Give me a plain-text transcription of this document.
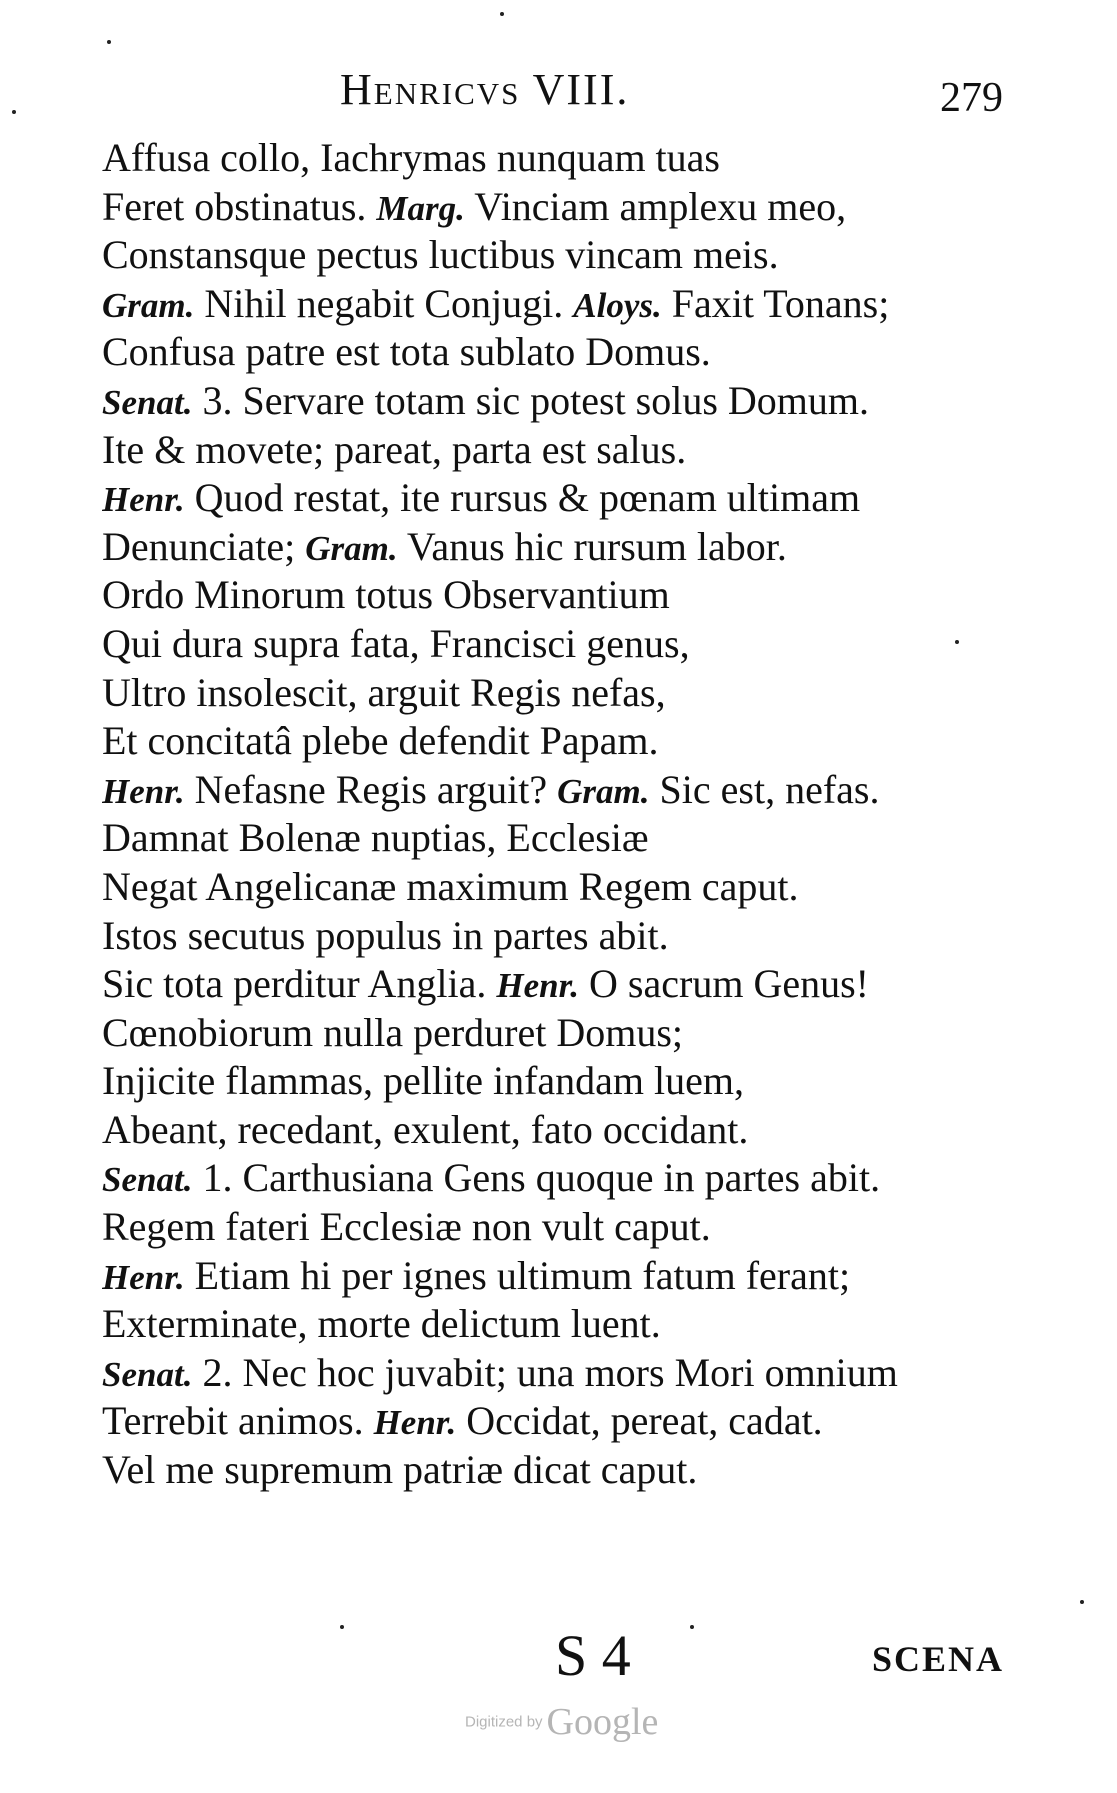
Henricvs VIII.	279
Affusa collo, Iachrymas nunquam tuas
Feret obstinatus. Marg. Vinciam amplexu meo,
Constansque pectus luctibus vincam meis.
Gram. Nihil negabit Conjugi. Aloys. Faxit Tonans;
Confusa patre est tota sublato Domus.
Senat. 3. Servare totam sic potest solus Domum.
Ite & movete; pareat, parta est salus.
Henr. Quod restat, ite rursus & pœnam ultimam
Denunciate; Gram. Vanus hic rursum labor.
Ordo Minorum totus Observantium
Qui dura supra fata, Francisci genus,
Ultro insolescit, arguit Regis nefas,
Et concitatâ plebe defendit Papam.
Henr. Nefasne Regis arguit? Gram. Sic est, nefas.
Damnat Bolenæ nuptias, Ecclesiæ
Negat Angelicanæ maximum Regem caput.
Istos secutus populus in partes abit.
Sic tota perditur Anglia. Henr. O sacrum Genus!
Cœnobiorum nulla perduret Domus;
Injicite flammas, pellite infandam luem,
Abeant, recedant, exulent, fato occidant.
Senat. 1. Carthusiana Gens quoque in partes abit.
Regem fateri Ecclesiæ non vult caput.
Henr. Etiam hi per ignes ultimum fatum ferant;
Exterminate, morte delictum luent.
Senat. 2. Nec hoc juvabit; una mors Mori omnium
Terrebit animos. Henr. Occidat, pereat, cadat.
Vel me supremum patriæ dicat caput.
S 4	SCENA
Digitized by Google
